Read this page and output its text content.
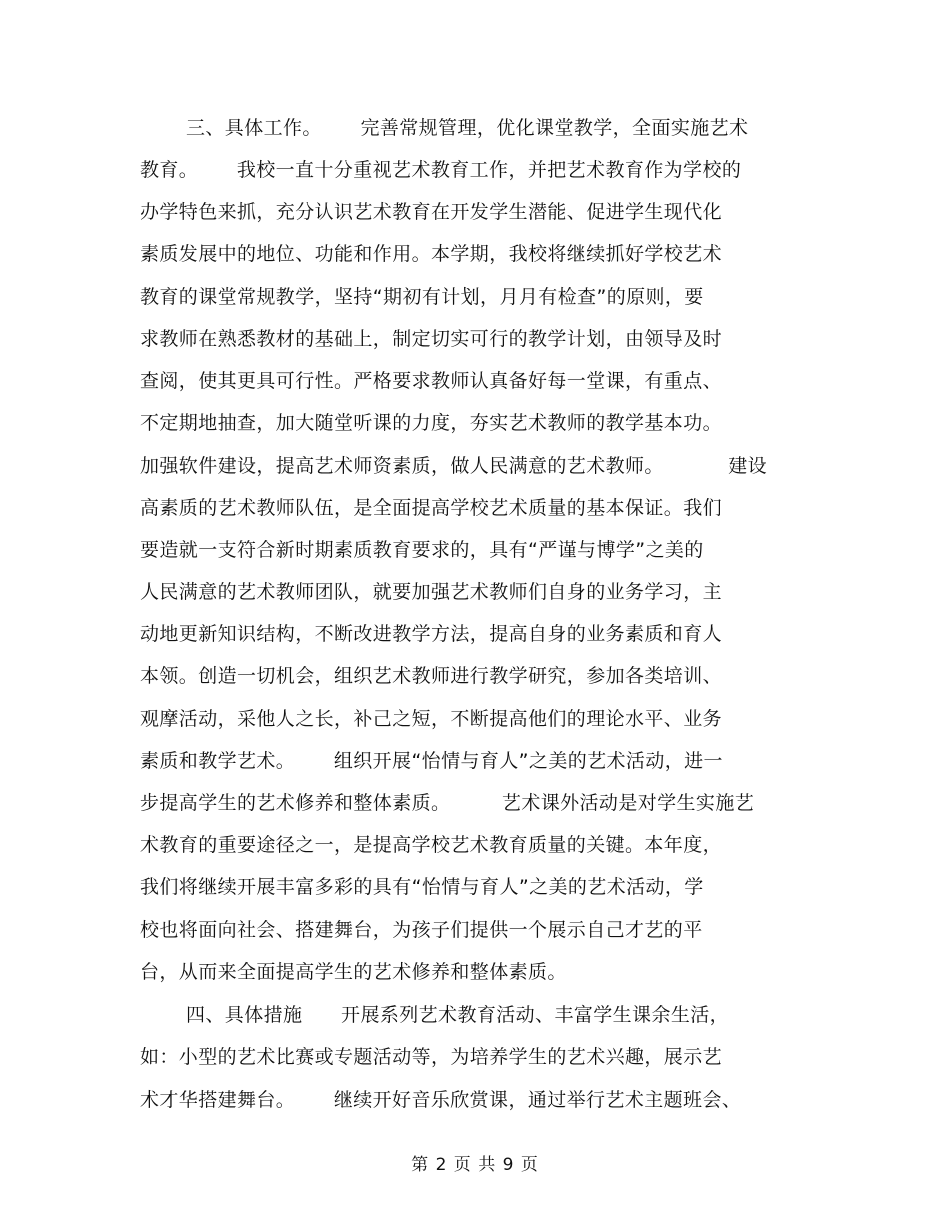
三、具体工作。      完善常规管理，优化课堂教学，全面实施艺术
教育。      我校一直十分重视艺术教育工作，并把艺术教育作为学校的
办学特色来抓，充分认识艺术教育在开发学生潜能、促进学生现代化
素质发展中的地位、功能和作用。本学期，我校将继续抓好学校艺术
教育的课堂常规教学，坚持“期初有计划，月月有检查”的原则，要
求教师在熟悉教材的基础上，制定切实可行的教学计划，由领导及时
查阅，使其更具可行性。严格要求教师认真备好每一堂课，有重点、
不定期地抽查，加大随堂听课的力度，夯实艺术教师的教学基本功。
加强软件建设，提高艺术师资素质，做人民满意的艺术教师。          建设
高素质的艺术教师队伍，是全面提高学校艺术质量的基本保证。我们
要造就一支符合新时期素质教育要求的，具有“严谨与博学”之美的
人民满意的艺术教师团队，就要加强艺术教师们自身的业务学习，主
动地更新知识结构，不断改进教学方法，提高自身的业务素质和育人
本领。创造一切机会，组织艺术教师进行教学研究，参加各类培训、
观摩活动，采他人之长，补己之短，不断提高他们的理论水平、业务
素质和教学艺术。      组织开展“怡情与育人”之美的艺术活动，进一
步提高学生的艺术修养和整体素质。        艺术课外活动是对学生实施艺
术教育的重要途径之一，是提高学校艺术教育质量的关键。本年度，
我们将继续开展丰富多彩的具有“怡情与育人”之美的艺术活动，学
校也将面向社会、搭建舞台，为孩子们提供一个展示自己才艺的平
台，从而来全面提高学生的艺术修养和整体素质。
四、具体措施      开展系列艺术教育活动、丰富学生课余生活，
如：小型的艺术比赛或专题活动等，为培养学生的艺术兴趣，展示艺
术才华搭建舞台。      继续开好音乐欣赏课，通过举行艺术主题班会、
第 2 页 共 9 页
